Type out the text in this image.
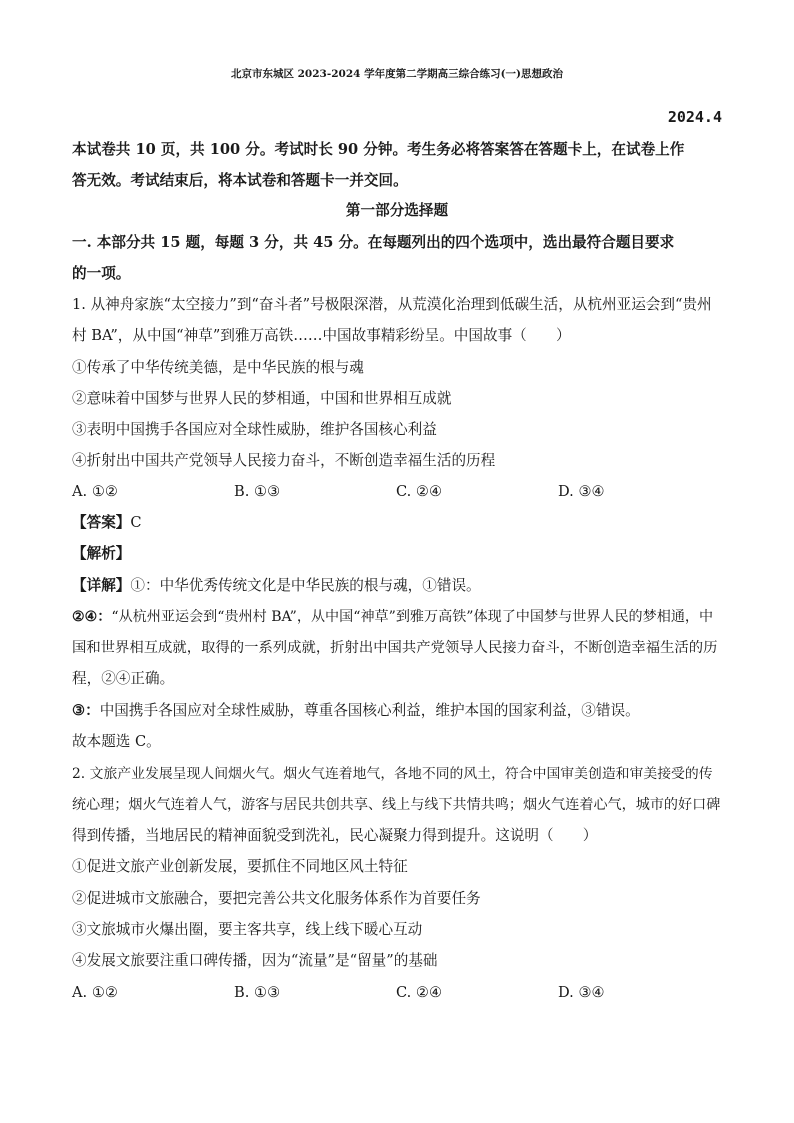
北京市东城区 2023-2024 学年度第二学期高三综合练习(一)思想政治
2024.4
本试卷共 10 页，共 100 分。考试时长 90 分钟。考生务必将答案答在答题卡上，在试卷上作
答无效。考试结束后，将本试卷和答题卡一并交回。
第一部分选择题
一. 本部分共 15 题，每题 3 分，共 45 分。在每题列出的四个选项中，选出最符合题目要求
的一项。
1. 从神舟家族“太空接力”到“奋斗者”号极限深潜，从荒漠化治理到低碳生活，从杭州亚运会到“贵州
村 BA”，从中国“神草”到雅万高铁……中国故事精彩纷呈。中国故事（　　）
①传承了中华传统美德，是中华民族的根与魂
②意味着中国梦与世界人民的梦相通，中国和世界相互成就
③表明中国携手各国应对全球性威胁，维护各国核心利益
④折射出中国共产党领导人民接力奋斗，不断创造幸福生活的历程
A. ①②	B. ①③	C. ②④	D. ③④
【答案】C
【解析】
【详解】①：中华优秀传统文化是中华民族的根与魂，①错误。
②④：“从杭州亚运会到“贵州村 BA”，从中国“神草”到雅万高铁”体现了中国梦与世界人民的梦相通，中
国和世界相互成就，取得的一系列成就，折射出中国共产党领导人民接力奋斗，不断创造幸福生活的历
程，②④正确。
③：中国携手各国应对全球性威胁，尊重各国核心利益，维护本国的国家利益，③错误。
故本题选 C。
2. 文旅产业发展呈现人间烟火气。烟火气连着地气，各地不同的风土，符合中国审美创造和审美接受的传
统心理；烟火气连着人气，游客与居民共创共享、线上与线下共情共鸣；烟火气连着心气，城市的好口碑
得到传播，当地居民的精神面貌受到洗礼，民心凝聚力得到提升。这说明（　　）
①促进文旅产业创新发展，要抓住不同地区风土特征
②促进城市文旅融合，要把完善公共文化服务体系作为首要任务
③文旅城市火爆出圈，要主客共享，线上线下暖心互动
④发展文旅要注重口碑传播，因为“流量”是“留量”的基础
A. ①②	B. ①③	C. ②④	D. ③④
